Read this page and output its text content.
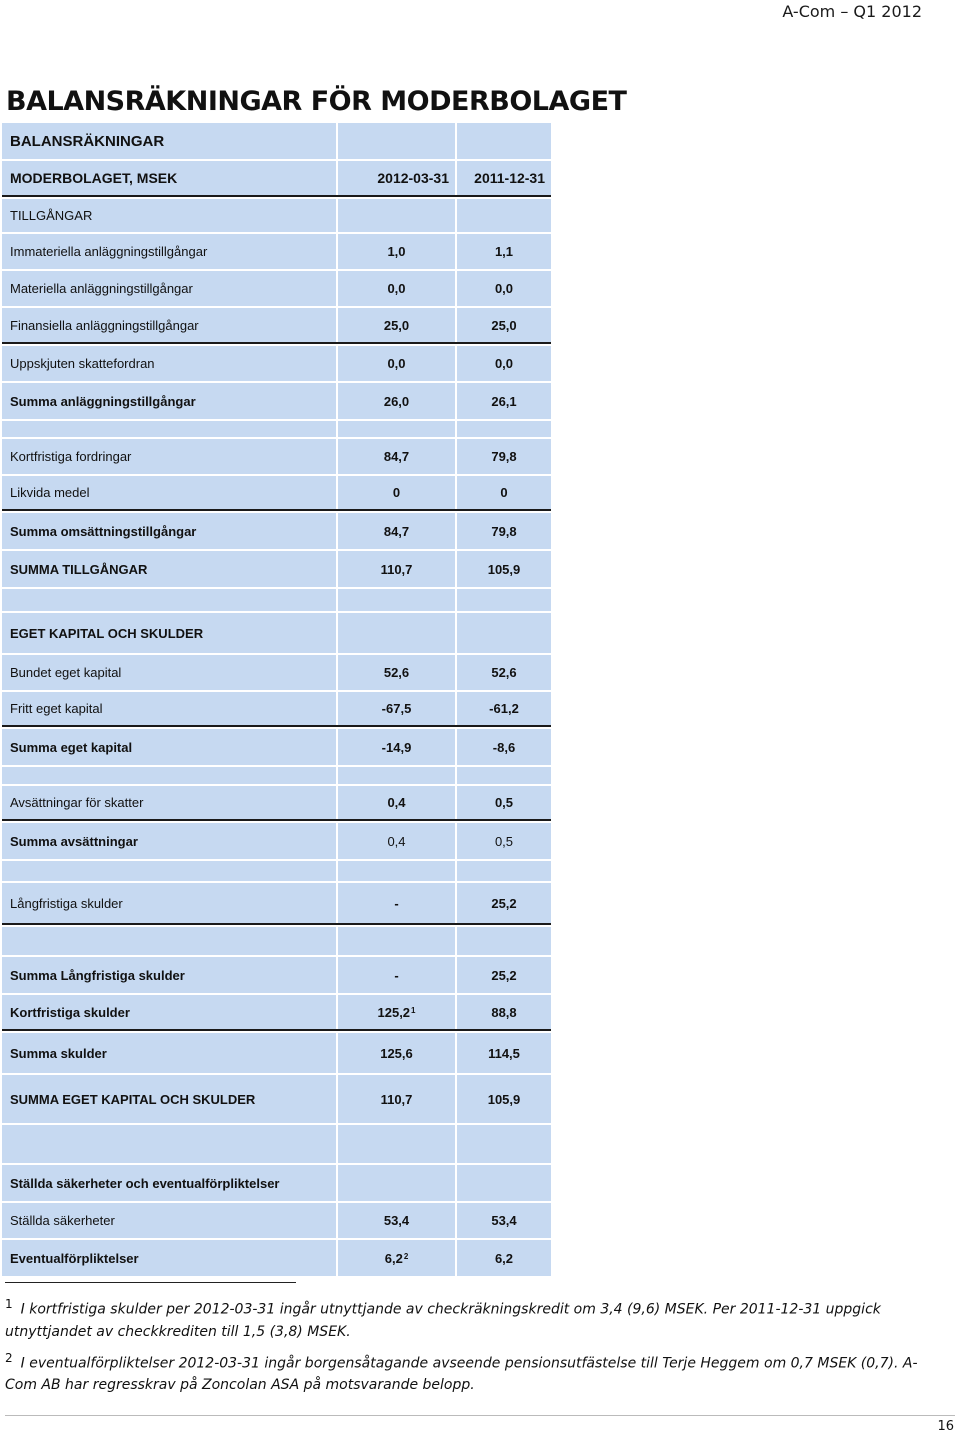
A-Com – Q1 2012
BALANSRÄKNINGAR FÖR MODERBOLAGET
BALANSRÄKNINGAR
MODERBOLAGET, MSEK	2012-03-31	2011-12-31
TILLGÅNGAR
Immateriella anläggningstillgångar	1,0	1,1
Materiella anläggningstillgångar	0,0	0,0
Finansiella anläggningstillgångar	25,0	25,0
Uppskjuten skattefordran	0,0	0,0
Summa anläggningstillgångar	26,0	26,1
Kortfristiga fordringar	84,7	79,8
Likvida medel	0	0
Summa omsättningstillgångar	84,7	79,8
SUMMA TILLGÅNGAR	110,7	105,9
EGET KAPITAL OCH SKULDER
Bundet eget kapital	52,6	52,6
Fritt eget kapital	-67,5	-61,2
Summa eget kapital	-14,9	-8,6
Avsättningar för skatter	0,4	0,5
Summa avsättningar	0,4	0,5
Långfristiga skulder	-	25,2
Summa Långfristiga skulder	-	25,2
Kortfristiga skulder	125,2$^1$	88,8
Summa skulder	125,6	114,5
SUMMA EGET KAPITAL OCH SKULDER	110,7	105,9
Ställda säkerheter och eventualförpliktelser
Ställda säkerheter	53,4	53,4
Eventualförpliktelser	$6,2^2$	6,2
1 I kortfristiga skulder per 2012-03-31 ingår utnyttjande av checkräkningskredit om 3,4 (9,6) MSEK. Per 2011-12-31 uppgick utnyttjandet av checkkrediten till 1,5 (3,8) MSEK.
2 I eventualförpliktelser 2012-03-31 ingår borgensåtagande avseende pensionsutfästelse till Terje Heggem om 0,7 MSEK (0,7). A-Com AB har regresskrav på Zoncolan ASA på motsvarande belopp.
16
